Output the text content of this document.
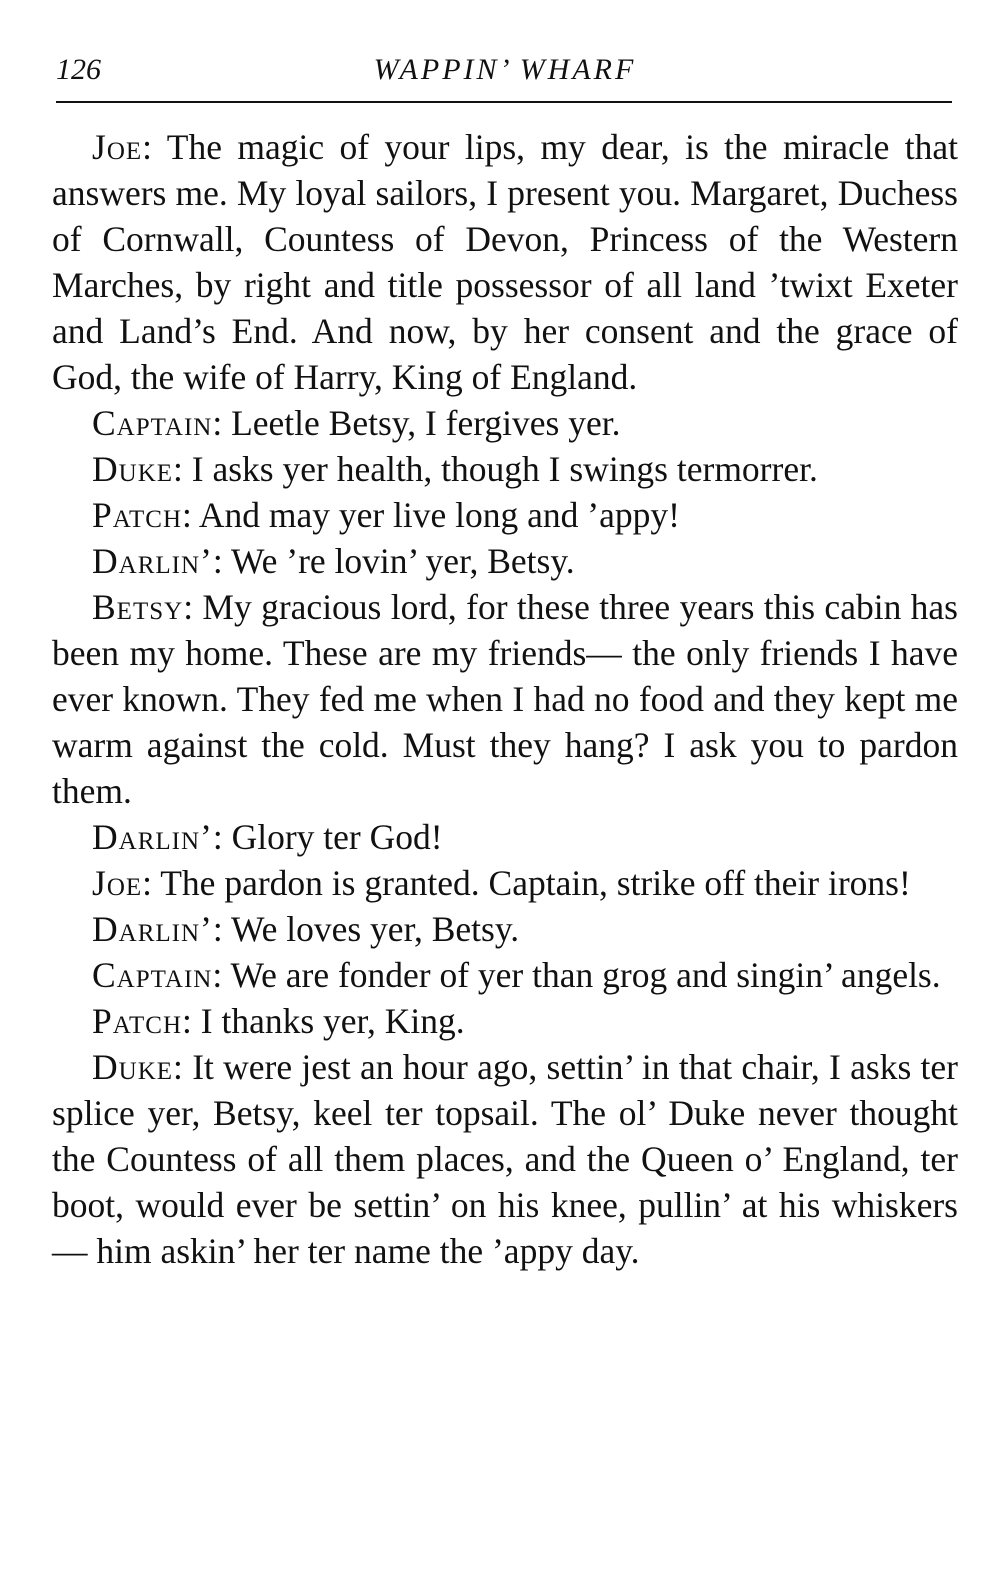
126	WAPPIN’ WHARF

Joe: The magic of your lips, my dear, is the miracle that answers me. My loyal sailors, I present you. Margaret, Duchess of Cornwall, Countess of Devon, Princess of the Western Marches, by right and title possessor of all land ’twixt Exeter and Land’s End. And now, by her consent and the grace of God, the wife of Harry, King of England.

Captain: Leetle Betsy, I fergives yer.

Duke: I asks yer health, though I swings termorrer.

Patch: And may yer live long and ’appy!

Darlin’: We ’re lovin’ yer, Betsy.

Betsy: My gracious lord, for these three years this cabin has been my home. These are my friends— the only friends I have ever known. They fed me when I had no food and they kept me warm against the cold. Must they hang? I ask you to pardon them.

Darlin’: Glory ter God!

Joe: The pardon is granted. Captain, strike off their irons!

Darlin’: We loves yer, Betsy.

Captain: We are fonder of yer than grog and singin’ angels.

Patch: I thanks yer, King.

Duke: It were jest an hour ago, settin’ in that chair, I asks ter splice yer, Betsy, keel ter topsail. The ol’ Duke never thought the Countess of all them places, and the Queen o’ England, ter boot, would ever be settin’ on his knee, pullin’ at his whiskers— him askin’ her ter name the ’appy day.
